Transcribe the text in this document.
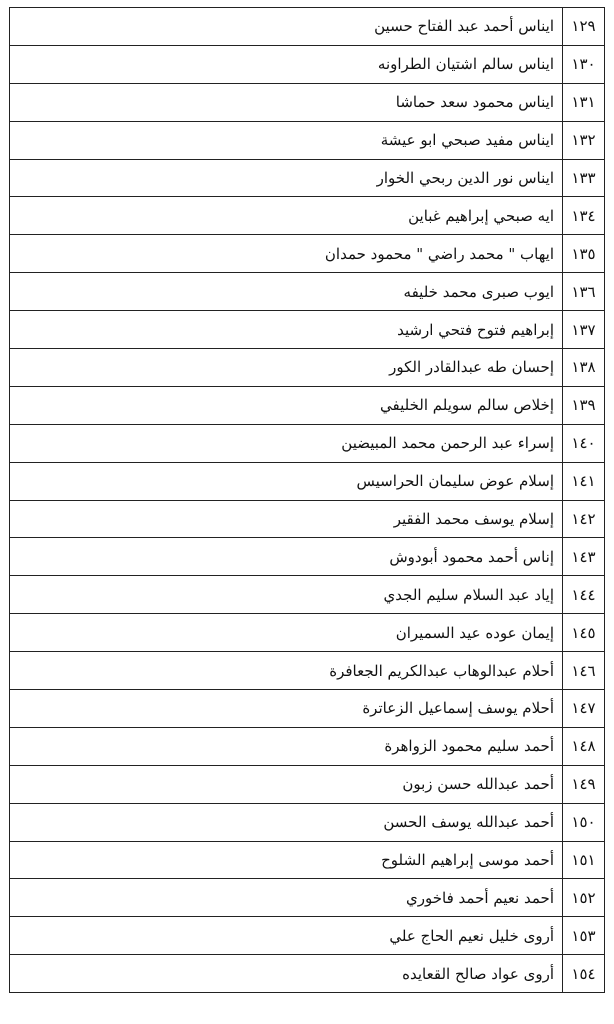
١٢٩	ايناس أحمد عبد الفتاح حسين
١٣٠	ايناس سالم اشتيان الطراونه
١٣١	ايناس محمود سعد حماشا
١٣٢	ايناس مفيد صبحي ابو عيشة
١٣٣	ايناس نور الدين ربحي الخوار
١٣٤	ايه صبحي إبراهيم غباين
١٣٥	ايهاب " محمد راضي " محمود حمدان
١٣٦	ايوب صبرى محمد خليفه
١٣٧	إبراهيم فتوح فتحي ارشيد
١٣٨	إحسان طه عبدالقادر الكور
١٣٩	إخلاص سالم سويلم الخليفي
١٤٠	إسراء عبد الرحمن محمد المبيضين
١٤١	إسلام عوض سليمان الحراسيس
١٤٢	إسلام يوسف محمد الفقير
١٤٣	إناس أحمد محمود أبودوش
١٤٤	إياد عبد السلام سليم الجدي
١٤٥	إيمان عوده عيد السميران
١٤٦	أحلام عبدالوهاب عبدالكريم الجعافرة
١٤٧	أحلام يوسف إسماعيل الزعاترة
١٤٨	أحمد سليم محمود الزواهرة
١٤٩	أحمد عبدالله حسن زبون
١٥٠	أحمد عبدالله يوسف الحسن
١٥١	أحمد موسى إبراهيم الشلوح
١٥٢	أحمد نعيم أحمد فاخوري
١٥٣	أروى خليل نعيم الحاج علي
١٥٤	أروى عواد صالح القعايده
